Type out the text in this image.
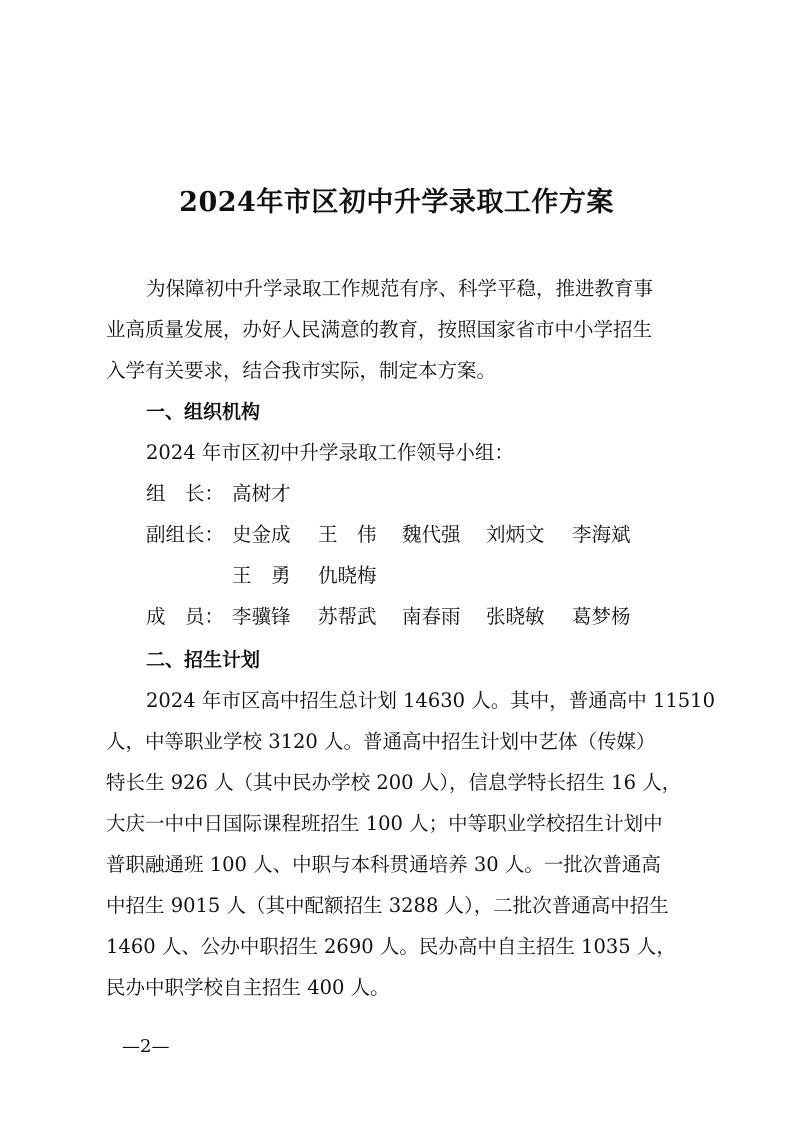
2024年市区初中升学录取工作方案
为保障初中升学录取工作规范有序、科学平稳，推进教育事
业高质量发展，办好人民满意的教育，按照国家省市中小学招生
入学有关要求，结合我市实际，制定本方案。
一、组织机构
2024 年市区初中升学录取工作领导小组：
组　长： 高树才
副组长： 史金成 王　伟 魏代强 刘炳文 李海斌
王　勇 仇晓梅
成　员： 李骥锋 苏帮武 南春雨 张晓敏 葛梦杨
二、招生计划
2024 年市区高中招生总计划 14630 人。其中，普通高中 11510
人，中等职业学校 3120 人。普通高中招生计划中艺体（传媒）
特长生 926 人（其中民办学校 200 人），信息学特长招生 16 人，
大庆一中中日国际课程班招生 100 人；中等职业学校招生计划中
普职融通班 100 人、中职与本科贯通培养 30 人。一批次普通高
中招生 9015 人（其中配额招生 3288 人），二批次普通高中招生
1460 人、公办中职招生 2690 人。民办高中自主招生 1035 人，
民办中职学校自主招生 400 人。
—2—
